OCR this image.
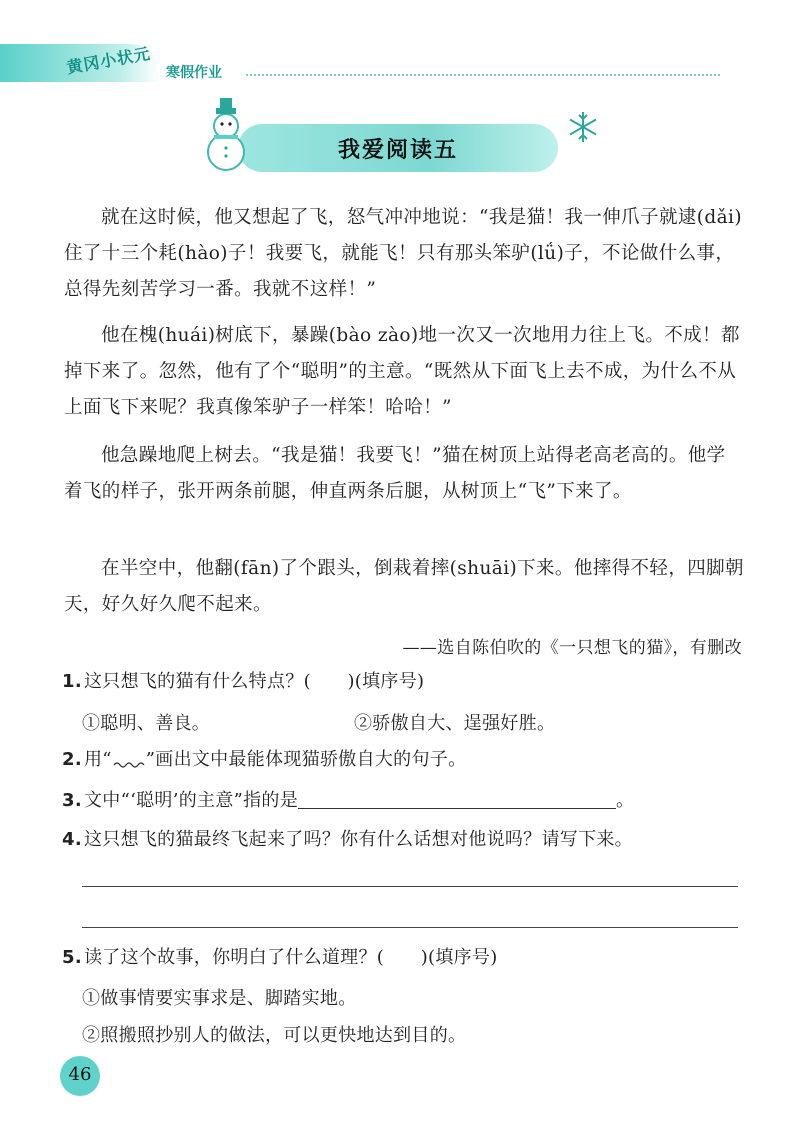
黄冈小状元 寒假作业
我爱阅读五

就在这时候，他又想起了飞，怒气冲冲地说：“我是猫！我一伸爪子就逮(dǎi)住了十三个耗(hào)子！我要飞，就能飞！只有那头笨驴(lǘ)子，不论做什么事，总得先刻苦学习一番。我就不这样！”

他在槐(huái)树底下，暴躁(bào zào)地一次又一次地用力往上飞。不成！都掉下来了。忽然，他有了个“聪明”的主意。“既然从下面飞上去不成，为什么不从上面飞下来呢？我真像笨驴子一样笨！哈哈！”

他急躁地爬上树去。“我是猫！我要飞！”猫在树顶上站得老高老高的。他学着飞的样子，张开两条前腿，伸直两条后腿，从树顶上“飞”下来了。

在半空中，他翻(fān)了个跟头，倒栽着摔(shuāi)下来。他摔得不轻，四脚朝天，好久好久爬不起来。

——选自陈伯吹的《一只想飞的猫》，有删改
1. 这只想飞的猫有什么特点？(　　)(填序号)
①聪明、善良。	②骄傲自大、逞强好胜。
2. 用“ ”画出文中最能体现猫骄傲自大的句子。
3. 文中“‘聪明’的主意”指的是	。
4. 这只想飞的猫最终飞起来了吗？你有什么话想对他说吗？请写下来。
5. 读了这个故事，你明白了什么道理？(　　)(填序号)
①做事情要实事求是、脚踏实地。
②照搬照抄别人的做法，可以更快地达到目的。
46
